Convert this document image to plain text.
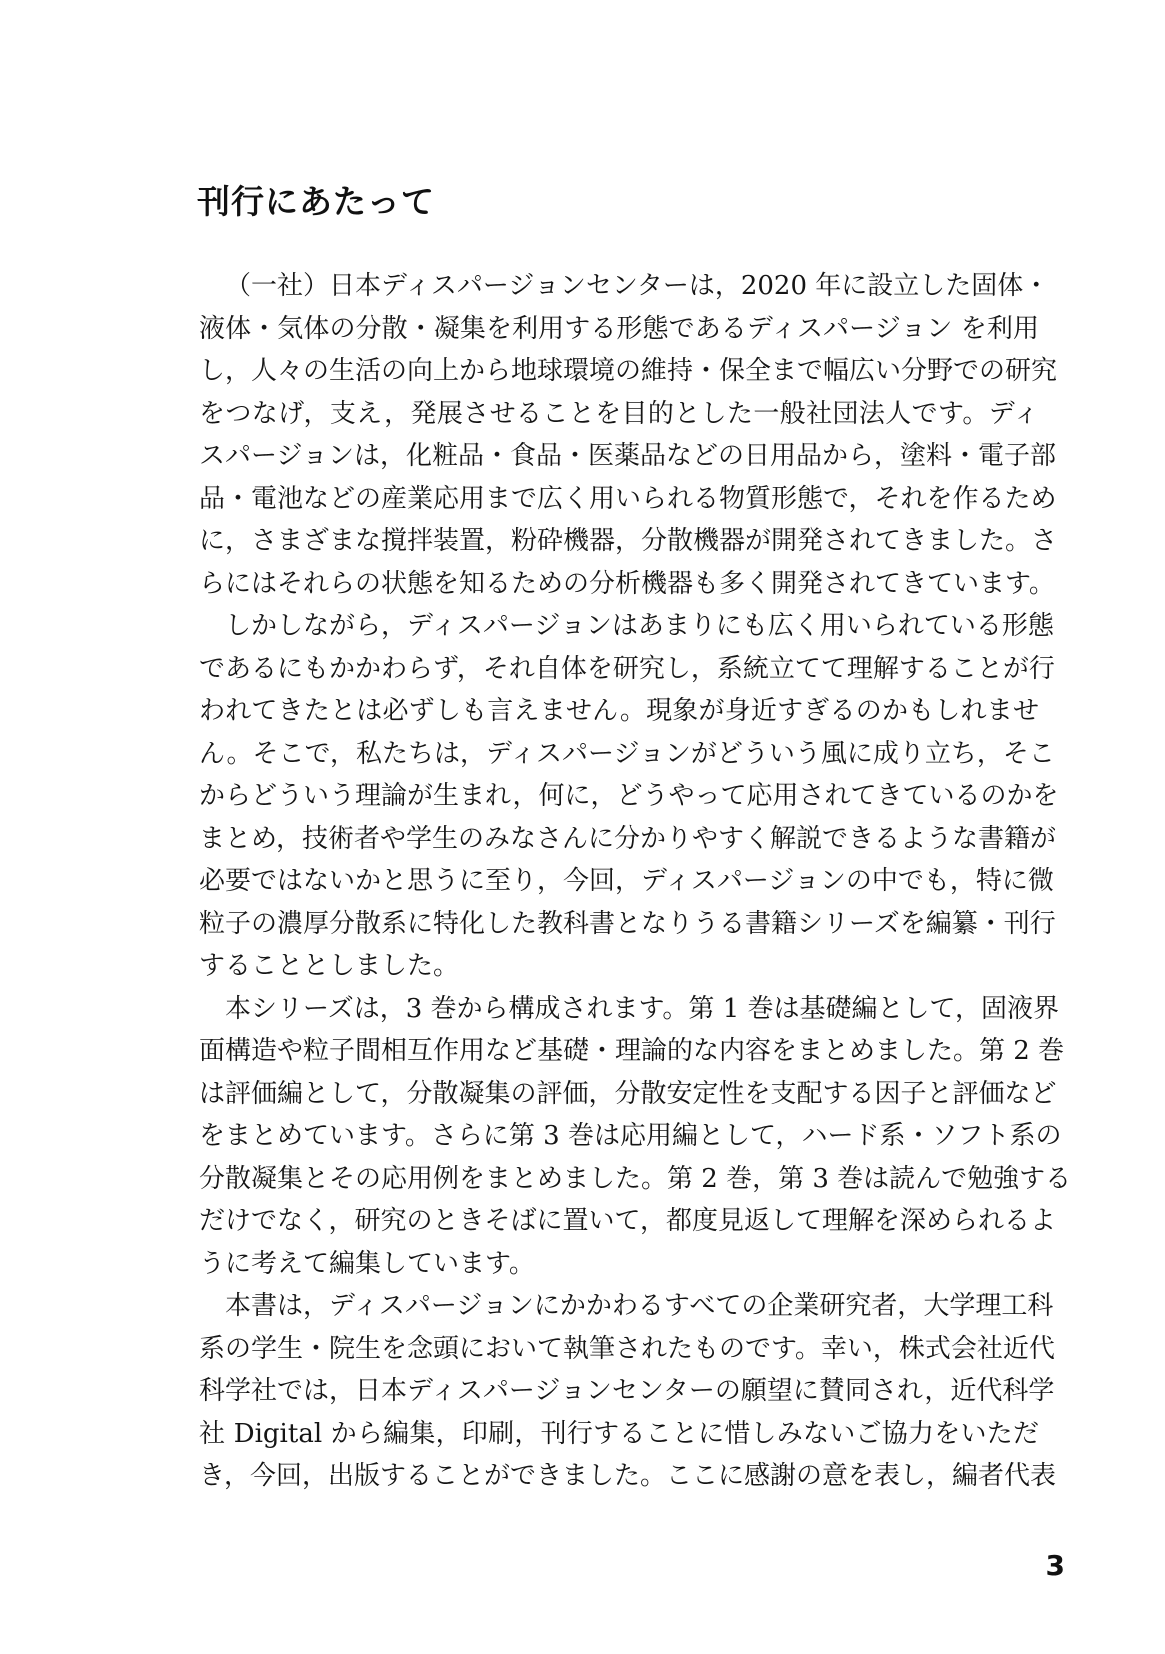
刊行にあたって
（一社）日本ディスパージョンセンターは，2020 年に設立した固体・
液体・気体の分散・凝集を利用する形態であるディスパージョン を利用
し，人々の生活の向上から地球環境の維持・保全まで幅広い分野での研究
をつなげ，支え，発展させることを目的とした一般社団法人です。ディ
スパージョンは，化粧品・食品・医薬品などの日用品から，塗料・電子部
品・電池などの産業応用まで広く用いられる物質形態で，それを作るため
に，さまざまな撹拌装置，粉砕機器，分散機器が開発されてきました。さ
らにはそれらの状態を知るための分析機器も多く開発されてきています。
しかしながら，ディスパージョンはあまりにも広く用いられている形態
であるにもかかわらず，それ自体を研究し，系統立てて理解することが行
われてきたとは必ずしも言えません。現象が身近すぎるのかもしれませ
ん。そこで，私たちは，ディスパージョンがどういう風に成り立ち，そこ
からどういう理論が生まれ，何に，どうやって応用されてきているのかを
まとめ，技術者や学生のみなさんに分かりやすく解説できるような書籍が
必要ではないかと思うに至り，今回，ディスパージョンの中でも，特に微
粒子の濃厚分散系に特化した教科書となりうる書籍シリーズを編纂・刊行
することとしました。
本シリーズは，3 巻から構成されます。第 1 巻は基礎編として，固液界
面構造や粒子間相互作用など基礎・理論的な内容をまとめました。第 2 巻
は評価編として，分散凝集の評価，分散安定性を支配する因子と評価など
をまとめています。さらに第 3 巻は応用編として，ハード系・ソフト系の
分散凝集とその応用例をまとめました。第 2 巻，第 3 巻は読んで勉強する
だけでなく，研究のときそばに置いて，都度見返して理解を深められるよ
うに考えて編集しています。
本書は，ディスパージョンにかかわるすべての企業研究者，大学理工科
系の学生・院生を念頭において執筆されたものです。幸い，株式会社近代
科学社では，日本ディスパージョンセンターの願望に賛同され，近代科学
社 Digital から編集，印刷，刊行することに惜しみないご協力をいただ
き，今回，出版することができました。ここに感謝の意を表し，編者代表
3
